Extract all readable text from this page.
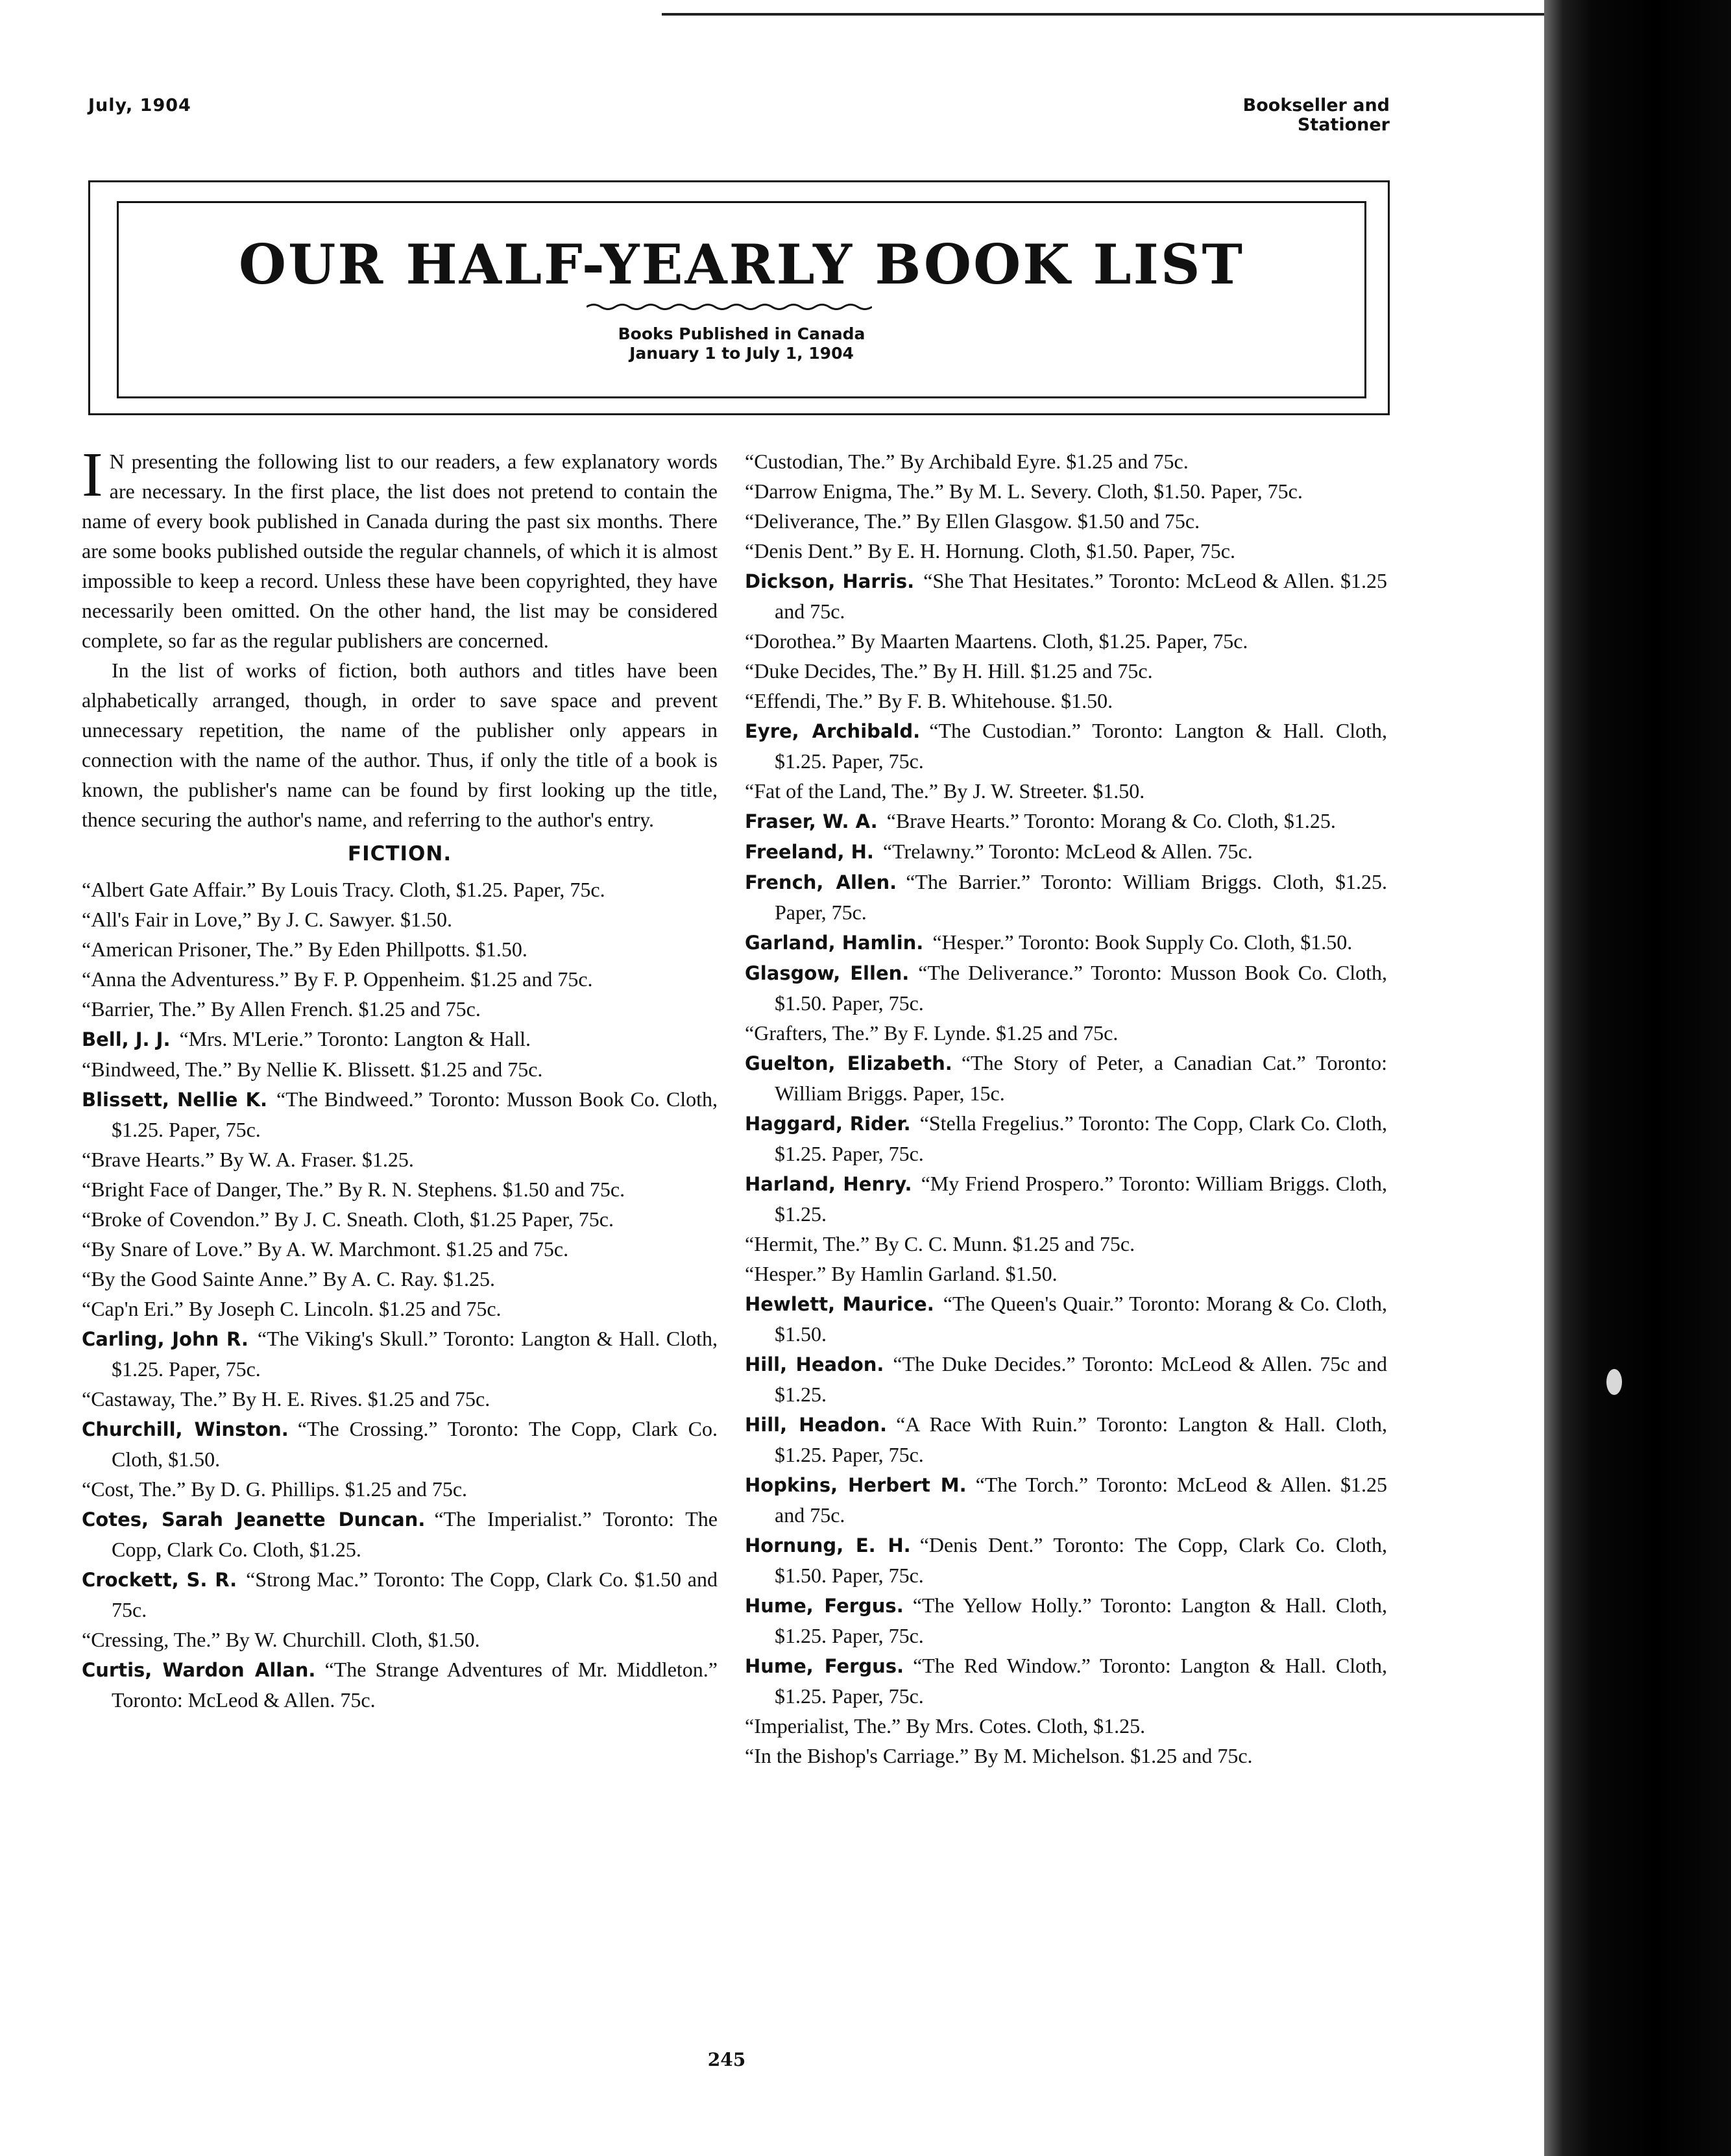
July, 1904	Bookseller and Stationer
OUR HALF-YEARLY BOOK LIST
Books Published in Canada
January 1 to July 1, 1904

I N presenting the following list to our readers, a few explanatory words are necessary. In the first place, the list does not pretend to contain the name of every book published in Canada during the past six months. There are some books published outside the regular channels, of which it is almost impossible to keep a record. Unless these have been copyrighted, they have necessarily been omitted. On the other hand, the list may be considered complete, so far as the regular publishers are concerned.

In the list of works of fiction, both authors and titles have been alphabetically arranged, though, in order to save space and prevent unnecessary repetition, the name of the publisher only appears in connection with the name of the author. Thus, if only the title of a book is known, the publisher's name can be found by first looking up the title, thence securing the author's name, and referring to the author's entry.

FICTION.

“Albert Gate Affair.” By Louis Tracy. Cloth, $1.25. Paper, 75c.

“All's Fair in Love,” By J. C. Sawyer. $1.50.

“American Prisoner, The.” By Eden Phillpotts. $1.50.

“Anna the Adventuress.” By F. P. Oppenheim. $1.25 and 75c.

“Barrier, The.” By Allen French. $1.25 and 75c.

Bell, J. J. “Mrs. M'Lerie.” Toronto: Langton & Hall.

“Bindweed, The.” By Nellie K. Blissett. $1.25 and 75c.

Blissett, Nellie K. “The Bindweed.” Toronto: Musson Book Co. Cloth, $1.25. Paper, 75c.

“Brave Hearts.” By W. A. Fraser. $1.25.

“Bright Face of Danger, The.” By R. N. Stephens. $1.50 and 75c.

“Broke of Covendon.” By J. C. Sneath. Cloth, $1.25 Paper, 75c.

“By Snare of Love.” By A. W. Marchmont. $1.25 and 75c.

“By the Good Sainte Anne.” By A. C. Ray. $1.25.

“Cap'n Eri.” By Joseph C. Lincoln. $1.25 and 75c.

Carling, John R. “The Viking's Skull.” Toronto: Langton & Hall. Cloth, $1.25. Paper, 75c.

“Castaway, The.” By H. E. Rives. $1.25 and 75c.

Churchill, Winston. “The Crossing.” Toronto: The Copp, Clark Co. Cloth, $1.50.

“Cost, The.” By D. G. Phillips. $1.25 and 75c.

Cotes, Sarah Jeanette Duncan. “The Imperialist.” Toronto: The Copp, Clark Co. Cloth, $1.25.

Crockett, S. R. “Strong Mac.” Toronto: The Copp, Clark Co. $1.50 and 75c.

“Cressing, The.” By W. Churchill. Cloth, $1.50.

Curtis, Wardon Allan. “The Strange Adventures of Mr. Middleton.” Toronto: McLeod & Allen. 75c.

“Custodian, The.” By Archibald Eyre. $1.25 and 75c.

“Darrow Enigma, The.” By M. L. Severy. Cloth, $1.50. Paper, 75c.

“Deliverance, The.” By Ellen Glasgow. $1.50 and 75c.

“Denis Dent.” By E. H. Hornung. Cloth, $1.50. Paper, 75c.

Dickson, Harris. “She That Hesitates.” Toronto: McLeod & Allen. $1.25 and 75c.

“Dorothea.” By Maarten Maartens. Cloth, $1.25. Paper, 75c.

“Duke Decides, The.” By H. Hill. $1.25 and 75c.

“Effendi, The.” By F. B. Whitehouse. $1.50.

Eyre, Archibald. “The Custodian.” Toronto: Langton & Hall. Cloth, $1.25. Paper, 75c.

“Fat of the Land, The.” By J. W. Streeter. $1.50.

Fraser, W. A. “Brave Hearts.” Toronto: Morang & Co. Cloth, $1.25.

Freeland, H. “Trelawny.” Toronto: McLeod & Allen. 75c.

French, Allen. “The Barrier.” Toronto: William Briggs. Cloth, $1.25. Paper, 75c.

Garland, Hamlin. “Hesper.” Toronto: Book Supply Co. Cloth, $1.50.

Glasgow, Ellen. “The Deliverance.” Toronto: Musson Book Co. Cloth, $1.50. Paper, 75c.

“Grafters, The.” By F. Lynde. $1.25 and 75c.

Guelton, Elizabeth. “The Story of Peter, a Canadian Cat.” Toronto: William Briggs. Paper, 15c.

Haggard, Rider. “Stella Fregelius.” Toronto: The Copp, Clark Co. Cloth, $1.25. Paper, 75c.

Harland, Henry. “My Friend Prospero.” Toronto: William Briggs. Cloth, $1.25.

“Hermit, The.” By C. C. Munn. $1.25 and 75c.

“Hesper.” By Hamlin Garland. $1.50.

Hewlett, Maurice. “The Queen's Quair.” Toronto: Morang & Co. Cloth, $1.50.

Hill, Headon. “The Duke Decides.” Toronto: McLeod & Allen. 75c and $1.25.

Hill, Headon. “A Race With Ruin.” Toronto: Langton & Hall. Cloth, $1.25. Paper, 75c.

Hopkins, Herbert M. “The Torch.” Toronto: McLeod & Allen. $1.25 and 75c.

Hornung, E. H. “Denis Dent.” Toronto: The Copp, Clark Co. Cloth, $1.50. Paper, 75c.

Hume, Fergus. “The Yellow Holly.” Toronto: Langton & Hall. Cloth, $1.25. Paper, 75c.

Hume, Fergus. “The Red Window.” Toronto: Langton & Hall. Cloth, $1.25. Paper, 75c.

“Imperialist, The.” By Mrs. Cotes. Cloth, $1.25.

“In the Bishop's Carriage.” By M. Michelson. $1.25 and 75c.

245
